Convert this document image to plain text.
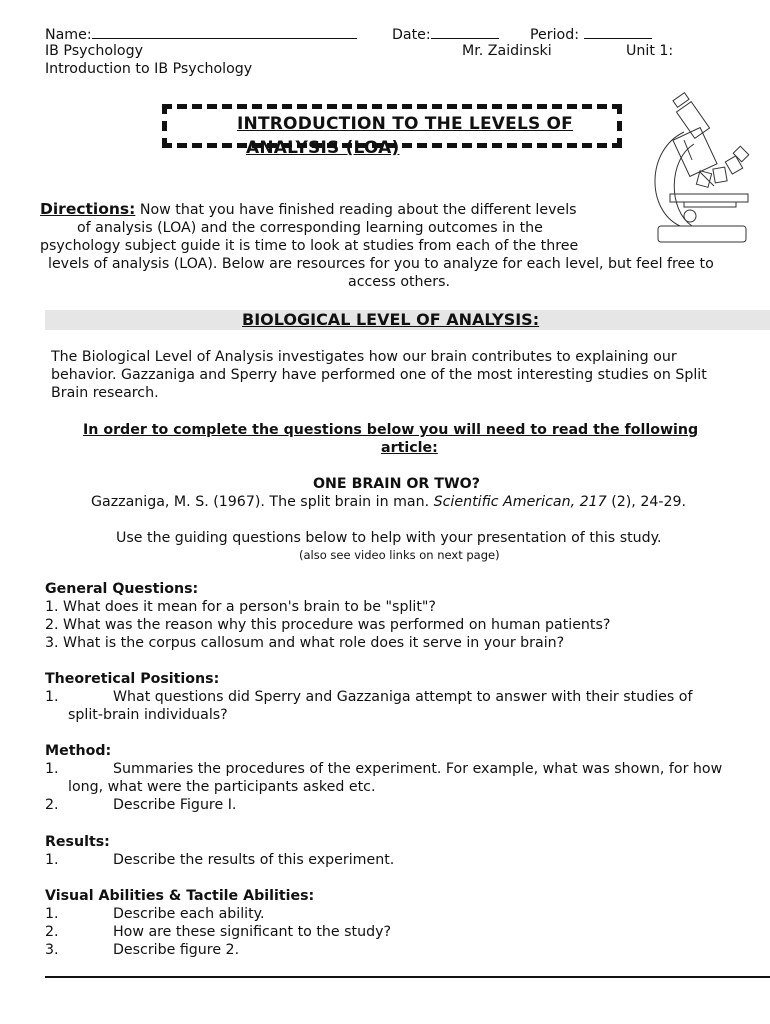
Name:	Date:	Period:
IB Psychology	Mr. Zaidinski	Unit 1:
Introduction to IB Psychology
INTRODUCTION TO THE LEVELS OF
ANALYSIS (LOA)
Directions: Now that you have finished reading about the different levels
of analysis (LOA) and the corresponding learning outcomes in the
psychology subject guide it is time to look at studies from each of the three
levels of analysis (LOA). Below are resources for you to analyze for each level, but feel free to
access others.
BIOLOGICAL LEVEL OF ANALYSIS:
The Biological Level of Analysis investigates how our brain contributes to explaining our
behavior. Gazzaniga and Sperry have performed one of the most interesting studies on Split
Brain research.
In order to complete the questions below you will need to read the following
article:
ONE BRAIN OR TWO?
Gazzaniga, M. S. (1967). The split brain in man. Scientific American, 217 (2), 24-29.
Use the guiding questions below to help with your presentation of this study.
(also see video links on next page)
General Questions:
1. What does it mean for a person's brain to be "split"?
2. What was the reason why this procedure was performed on human patients?
3. What is the corpus callosum and what role does it serve in your brain?
Theoretical Positions:
1.	What questions did Sperry and Gazzaniga attempt to answer with their studies of
split-brain individuals?
Method:
1.	Summaries the procedures of the experiment. For example, what was shown, for how
long, what were the participants asked etc.
2.	Describe Figure I.
Results:
1.	Describe the results of this experiment.
Visual Abilities & Tactile Abilities:
1.	Describe each ability.
2.	How are these significant to the study?
3.	Describe figure 2.
